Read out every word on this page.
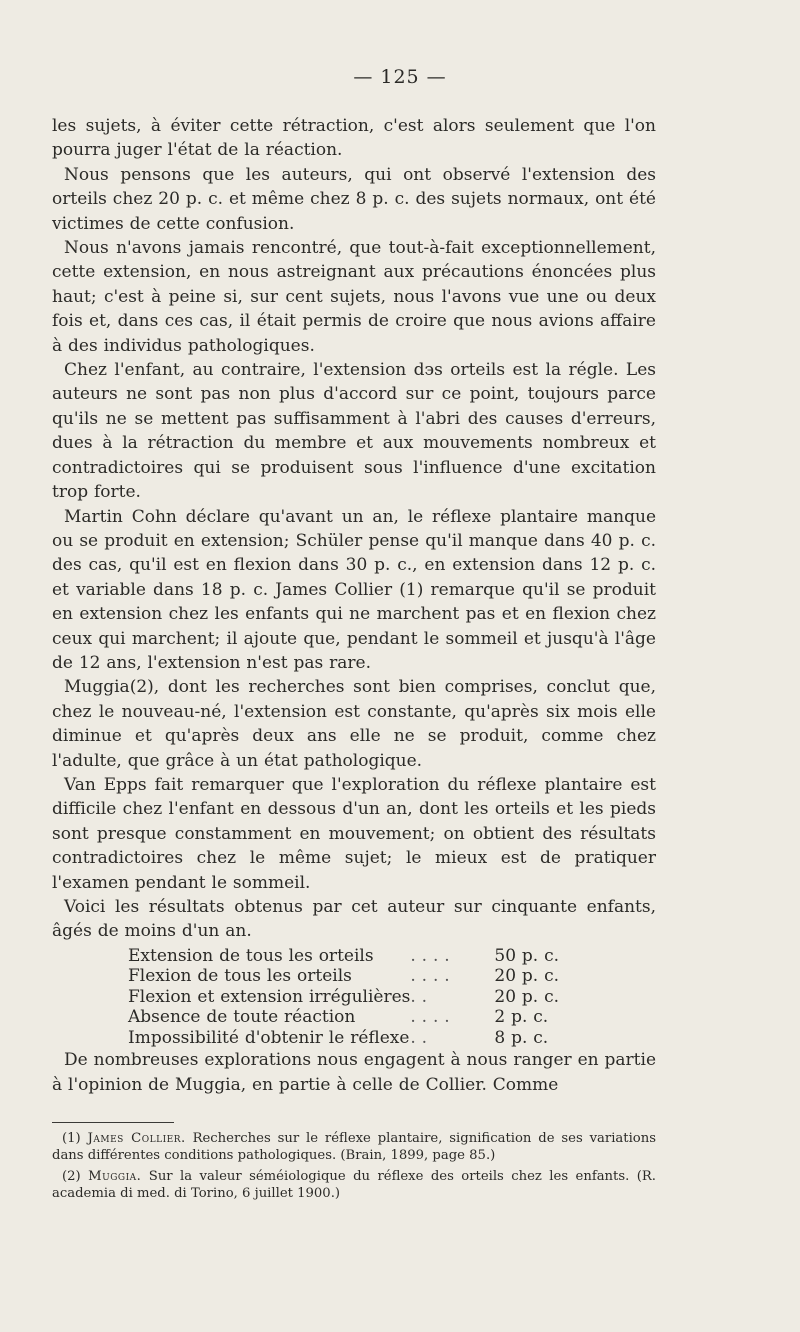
— 125 —

les sujets, à éviter cette rétraction, c'est alors seulement que l'on pourra juger l'état de la réaction.

Nous pensons que les auteurs, qui ont observé l'extension des orteils chez 20 p. c. et même chez 8 p. c. des sujets normaux, ont été victimes de cette confusion.

Nous n'avons jamais rencontré, que tout-à-fait exceptionnellement, cette extension, en nous astreignant aux précautions énoncées plus haut; c'est à peine si, sur cent sujets, nous l'avons vue une ou deux fois et, dans ces cas, il était permis de croire que nous avions affaire à des individus pathologiques.

Chez l'enfant, au contraire, l'extension dэs orteils est la régle. Les auteurs ne sont pas non plus d'accord sur ce point, toujours parce qu'ils ne se mettent pas suffisamment à l'abri des causes d'erreurs, dues à la rétraction du membre et aux mouvements nombreux et contradictoires qui se produisent sous l'influence d'une excitation trop forte.

Martin Cohn déclare qu'avant un an, le réflexe plantaire manque ou se produit en extension; Schüler pense qu'il manque dans 40 p. c. des cas, qu'il est en flexion dans 30 p. c., en extension dans 12 p. c. et variable dans 18 p. c. James Collier (1) remarque qu'il se produit en extension chez les enfants qui ne marchent pas et en flexion chez ceux qui marchent; il ajoute que, pendant le sommeil et jusqu'à l'âge de 12 ans, l'extension n'est pas rare.

Muggia(2), dont les recherches sont bien comprises, conclut que, chez le nouveau-né, l'extension est constante, qu'après six mois elle diminue et qu'après deux ans elle ne se produit, comme chez l'adulte, que grâce à un état pathologique.

Van Epps fait remarquer que l'exploration du réflexe plantaire est difficile chez l'enfant en dessous d'un an, dont les orteils et les pieds sont presque constamment en mouvement; on obtient des résultats contradictoires chez le même sujet; le mieux est de pratiquer l'examen pendant le sommeil.

Voici les résultats obtenus par cet auteur sur cinquante enfants, âgés de moins d'un an.

Extension de tous les orteils	. . . .	50 p. c.
Flexion de tous les orteils	. . . .	20 p. c.
Flexion et extension irrégulières	. .	20 p. c.
Absence de toute réaction	. . . .	2 p. c.
Impossibilité d'obtenir le réflexe	. .	8 p. c.

De nombreuses explorations nous engagent à nous ranger en partie à l'opinion de Muggia, en partie à celle de Collier. Comme

(1) James Collier. Recherches sur le réflexe plantaire, signification de ses variations dans différentes conditions pathologiques. (Brain, 1899, page 85.)

(2) Muggia. Sur la valeur séméiologique du réflexe des orteils chez les enfants. (R. academia di med. di Torino, 6 juillet 1900.)
